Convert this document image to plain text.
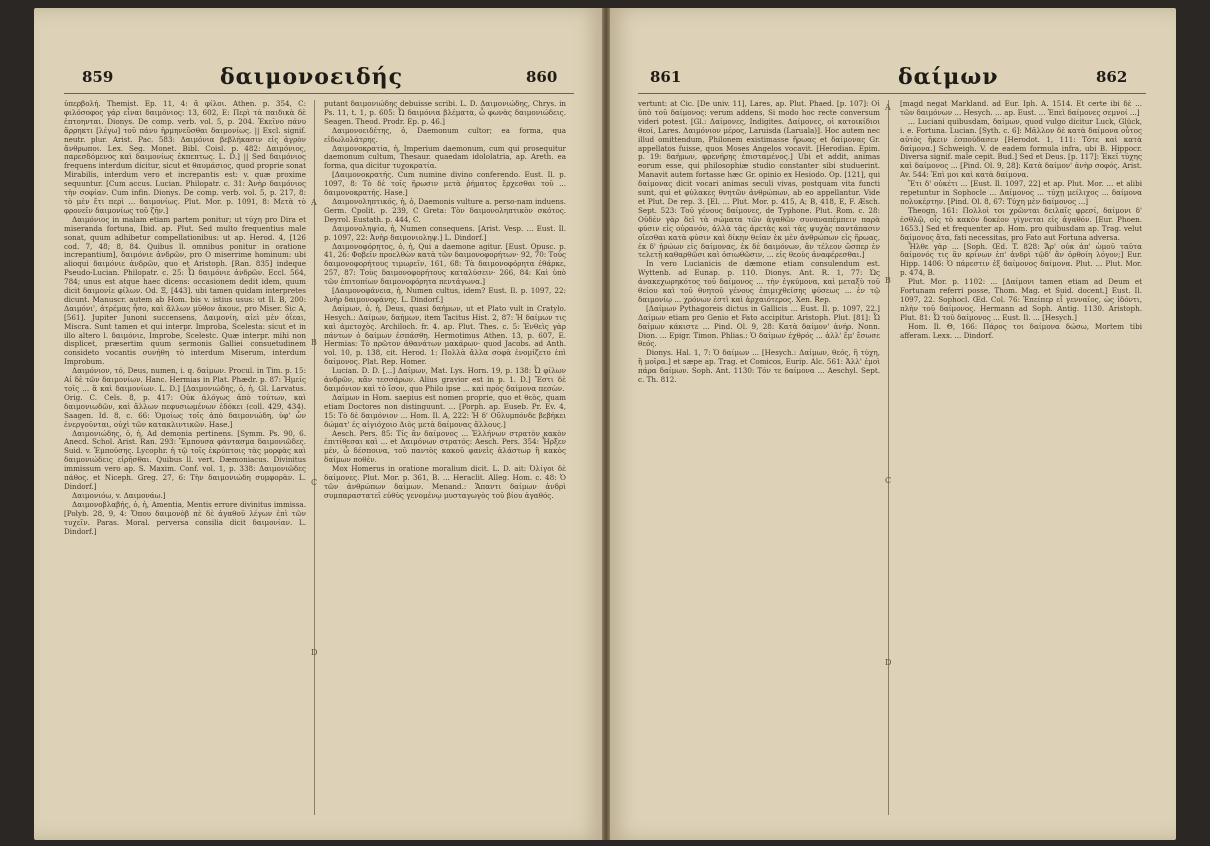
859	δαιμονοειδής	860

ὑπερβολή. Themist. Ep. 11, 4: ἃ φίλοι. Athen. p. 354, C: φιλόσοφος γάρ εἶναι δαιμόνιος: 13, 602, E: Περὶ τὰ παιδικὰ δὲ ἐπτοηνται. Dionys. De comp. verb. vol. 5, p. 204. Ἐκεῖνο πάνυ ἄρρηκτι [λέγω] τοῦ πάνυ ἡρμηνεῦσθαι δαιμονίως. || Excl. signif. neutr. plur. Arist. Pac. 583: Δαιμόνια βεβλήκασιν εἰς ἀγρὸν ἄνθρωποι. Lex. Seg. Monet. Bibl. Coisl. p. 482: Δαιμόνιος, παρεσδόμενος καὶ δαιμονίως ἐκπεπτως. L. D.] || Sed δαιμόνιος frequens interdum dicitur, sicut et θαυμάσιος, quod proprie sonat Mirabilis, interdum vero et increpantis est: v. quæ proxime sequuntur. [Cum accus. Lucian. Philopatr. c. 31: Ἀνὴρ δαιμόνιος τὴν σοφίαν. Cum infin. Dionys. De comp. verb. vol. 5, p. 217, 8: τὸ μὲν ἔτι περὶ ... δαιμονίως. Plut. Mor. p. 1091, 8: Μετὰ τὸ φρονεῖν δαιμονίως τοῦ ζῆν.]

Δαιμόνιος in malam etiam partem ponitur; ut τύχη pro Dira et miseranda fortuna, Ibid. ap. Plut. Sed multo frequentius male sonat, quum adhibetur compellationibus: ut ap. Herod. 4, [126 cod. 7, 48; 8, 84. Quibus ll. omnibus ponitur in oratione increpantium], δαιμόνιε ἀνδρῶν, pro O miserrime hominum: ubi alioqui δαιμόνιε ἀνδρῶν, quo et Aristoph. [Ran. 835] indeque Pseudo-Lucian. Philopatr. c. 25: Ὦ δαιμόνιε ἀνδρῶν. Eccl. 564, 784; unus est atque haec dicens: occasionem dedit idem, quum dicit δαιμονίε φίλων. Od. Ξ, [443]. ubi tamen quidam interpretes dicunt. Manuscr. autem ab Hom. bis v. istius usus: ut Il. B, 200: Δαιμόνι', ἀτρέμας ἧσο, καὶ ἄλλων μῦθον ἄκουε, pro Miser. Sic A, [561]. Jupiter Junoni succensens, Δαιμονίη, αἰεὶ μὲν ὀΐεαι, Miscra. Sunt tamen et qui interpr. Improba, Scelesta: sicut et in illo altero l. δαιμόνιε, Improbe, Scelestc. Quæ interpr. mihi non displicet, præsertim quum sermonis Galliei consuetudinem consideto vocantis συνήθη τὸ interdum Miserum, interdum Improbum.

Δαιμόνιον, τό, Deus, numen, i. q. δαίμων. Procul. in Tim. p. 15: Αἱ δὲ τῶν δαιμονίων. Hanc. Hermias in Plat. Phædr. p. 87: Ἠμείς τοῖς ... ἃ καὶ δαιμονίων. L. D.] [Δαιμονιώδης, ὁ, ἡ, Gl. Larvatus. Orig. C. Cels. 8, p. 417: Οὐκ ἀλόγως ἀπὸ τούτων, καὶ δαιμονιωδῶν, καὶ ἄλλων πεφυσιωμένων ἐδόκει (coll. 429, 434). Saagen. Id. 8, c. 66: Ὁμοίως τοῖς ἀπὸ δαιμονιώδη, ὑφ' ὧν ἐνεργοῦνται, οὐχὶ τῶν κατακλιντικῶν. Hase.]

Δαιμονιώδης, ὁ, ἡ, Ad demonia pertinens. [Symm. Ps. 90, 6. Anecd. Schol. Arist. Ran. 293: Ἔμπουσα φάντασμα δαιμονιῶδες. Suid. v. Ἐμπούσης. Lycophr. ἡ τῷ τοῖς ἐκρύπτοις τὰς μορφὰς καὶ δαιμονιώδεις εἰρῆσθαι. Quibus ll. vert. Dæmoniacus. Divinitus immissum vero ap. S. Maxim. Conf. vol. 1, p. 338: Δαιμονιῶδες πάθος. et Niceph. Greg. 27, 6: Τὴν δαιμονιώδη συμφορὰν. L. Dindorf.]

Δαιμονιόω, v. Δαιμονάω.]

Δαιμονοβλαβής, ὁ, ἡ, Amentia, Mentis errore divinitus immissa. [Polyb. 28, 9, 4: Ὅπου δαιμονὸβ πὲ δὲ ἀγαθοῦ λέγων ἐπὶ τῶν τυχεῖν. Paras. Moral. perversa consilia dicit δαιμονίαν. L. Dindorf.]

A
B
C
D

putant δαιμονιώδης debuisse scribi. L. D. Δαιμονιώδης, Chrys. in Ps. 11, t. 1, p. 605: Ὦ δαιμόνια βλέματα, ὦ φωνὰς δαιμονιώδεις. Seagen. Theod. Prodr. Ep. p. 46.]

Δαιμονοειδέτης, ὁ, Daemonum cultor; ea forma, qua εἰδωλολάτρης.

Δαιμονοκρατία, ἡ, Imperium daemonum, cum qui prosequitur daemonum cultum, Thesaur. quaedam idololatria, ap. Areth. ea forma, qua dicitur τυχοκρατία.

[Δαιμονοκρατής. Cum numine divino conferendo. Eust. Il. p. 1097, 8: Τὸ δὲ τοῖς ἥρωσιν μετὰ ῥήματος ἔρχεσθαι τοῦ ... δαιμονοκρατής. Hase.]

Δαιμονοληπτικός, ἡ, ὁ, Daemonis vulture a. perso-nam induens. Germ. Cpolit. p. 239, C Greta: Τὸν δαιμονοληπτικὸν σκότος. Deyrol. Eustath. p. 444, C.

Δαιμονοληψία, ἡ, Numen consequens. [Arist. Vesp. ... Eust. Il. p. 1097, 22: Ἀνὴρ δαιμονιοληψ.] L. Dindorf.]

Δαιμονοφόρητος, ὁ, ἡ, Qui a daemone agitur. [Eust. Opusc. p. 41, 26: Φοβεῖν προελθὼν κατὰ τῶν δαιμονοφορήτων· 92, 70: Τοὺς δαιμονοφορήτους τιμωρεῖν, 161, 68: Τὰ δαιμονοφόρητα ἐθάρκε, 257, 87: Τοὺς δαιμονοφορήτους καταλύσειν· 266, 84: Καὶ ὑπὸ τῶν ἐπιτοπίων δαιμονοφόρητα πεντάγωνα.]

[Δαιμονοφάνεια, ἡ, Numen cultus, idem? Eust. Il. p. 1097, 22: Ἀνὴρ δαιμονοφάνης. L. Dindorf.]

Δαίμων, ὁ, ἡ, Deus, quasi δαήμων, ut et Plato vult in Cratylo. Hesych.: Δαίμων, δαήμων, item Tacitus Hist. 2, 87: Ἡ δαίμων τις καὶ ἀμετοχὸς. Archiloch. fr. 4. ap. Plut. Thes. c. 5: Ἐνθεὶς γὰρ πάντων ὁ δαίμων ἐσπάσθη. Hermotimus Athen. 13, p. 607, E. Hermias: Τὸ πρῶτον ἀθανάτων μακάρων· quod Jacobs. ad Anth. vol. 10, p. 138, cit. Herod. 1: Πολλὰ ἄλλα σοφὰ ἐνομίζετο ἐπὶ δαίμονος. Plat. Rep. Homer.

Lucian. D. D. [...] Δαίμων, Mat. Lys. Horn. 19, p. 138: Ὦ φίλων ἀνδρῶν, κἂν τεσσάρων. Alius gravior est in p. 1. D.] Ἔστι δὲ δαιμόνιον καὶ τὸ ἴσον, quo Philo ipse ... καὶ πρὸς δαίμονα πεσὼν.

Δαίμων in Hom. saepius est nomen proprie, quo et θεὸς, quam etiam Doctores non distinguunt. ... [Porph. ap. Euseb. Pr. Ev. 4, 15: Τὸ δὲ δαιμόνιον ... Hom. Il. A, 222: Ἡ δ' Οὔλυμπόνδε βεβήκει δώματ' ἐς αἰγιόχοιο Διὸς μετὰ δαίμονας ἄλλους.]

Aesch. Pers. 85: Τίς ἂν δαίμονος ... Ἑλλήνων στρατὸν κακὸν ἐπιτίθεσαι καὶ ... et Δαιμόνων στρατός: Aesch. Pers. 354: Ἦρξεν μέν, ὦ δέσποινα, τοῦ παντὸς κακοῦ φανεὶς ἀλάστωρ ἢ κακὸς δαίμων ποθέν.

Mox Homerus in oratione moralium dicit. L. D. ait: Ὀλίγοι δὲ δαίμονες. Plut. Mor. p. 361, B. ... Heraclit. Alleg. Hom. c. 48: Ὁ τῶν ἀνθρώπων δαίμων. Menand.: Ἅπαντι δαίμων ἀνδρὶ συμπαραστατεῖ εὐθὺς γενομένῳ μυσταγωγὸς τοῦ βίου ἀγαθός.

861	δαίμων	862

vertunt: at Cic. [De univ. 11], Lares, ap. Plut. Phaed. [p. 107]: Οἱ ὑπὸ τοῦ δαίμονος: verum addens, Si modo hoc recte conversum videri potest. [Gl.: Δαίμονες, Indigites. Δαίμονες, οἱ κατοικίδιοι θεοί, Lares. Δαιμόνιον μέρος, Laruisda (Laruala)]. Hoc autem nec illud omittendum, Philonem existimasse ἥρωας et δαίμονας Gr. appellatos fuisse, quos Moses Angelos vocavit. [Herodian. Epim. p. 19: δαήμων, φρενήρης ἐπισταμένος.] Ubi et addit, animas eorum esse, qui philosophiæ studio constanter sibi studuerint. Manavit autem fortasse hæc Gr. opinio ex Hesiodo. Op. [121], qui δαίμονας dicit vocari animas seculi vivas, postquam vita functi sunt, qui et φύλακες θνητῶν ἀνθρώπων, ab eo appellantur. Vide et Plut. De rep. 3. [El. ... Plut. Mor. p. 415, A; B, 418, E, F. Æsch. Sept. 523: Τοῦ γένους δαίμονες, de Typhone. Plut. Rom. c. 28: Οὐδὲν γὰρ δεῖ τὰ σώματα τῶν ἀγαθῶν συναναπέμπειν παρὰ φύσιν εἰς οὐρανόν, ἀλλὰ τὰς ἀρετὰς καὶ τὰς ψυχὰς παντάπασιν οἴεσθαι κατὰ φύσιν καὶ δίκην θείαν ἐκ μὲν ἀνθρώπων εἰς ἥρωας, ἐκ δ' ἡρώων εἰς δαίμονας, ἐκ δὲ δαιμόνων, ἂν τέλεον ὥσπερ ἐν τελετῇ καθαρθῶσι καὶ ὁσιωθῶσιν, ... εἰς θεοὺς ἀναφέρεσθαι.]

In vero Lucianicis de dæmone etiam consulendum est. Wyttenb. ad Eunap. p. 110. Dionys. Ant. R. 1, 77: Ὡς ἀνακεχωρηκότος τοῦ δαίμονος ... τὴν ἐγκύμονα, καὶ μεταξὺ τοῦ θείου καὶ τοῦ θνητοῦ γένους ἐπιμιχθείσης φύσεως ... ἐν τῷ δαιμονίῳ ... χρόνων ἐστὶ καὶ ἀρχαιότερος. Xen. Rep.

[Δαίμων Pythagoreis dictus in Gallicis ... Eust. Il. p. 1097, 22.] Δαίμων etiam pro Genio et Fato accipitur. Aristoph. Plut. [81]: Ὦ δαίμων κάκιστε ... Pind. Ol. 9, 28: Κατὰ δαίμον' ἀνήρ. Nonn. Dion. ... Epigr. Timon. Phlias.: Ὁ δαίμων ἐχθρός ... ἀλλ' ἔμ' ἔσωσε θεός.

Dionys. Hal. 1, 7: Ὁ δαίμων ... [Hesych.: Δαίμων, θεός, ἢ τύχη, ἢ μοῖρα.] et sæpe ap. Trag. et Comicos, Eurip. Alc. 561: Ἀλλ' ἐμοὶ πάρα δαίμων. Soph. Ant. 1130: Τόν τε δαίμονα ... Aeschyl. Sept. c. Th. 812.

A
B
C
D

[magd negat Markland. ad Eur. Iph. A. 1514. Et certe ibi δὲ ... τῶν δαιμόνων ... Hesych. ... ap. Eust. ... Ἐπεὶ δαίμονες σεμνοί ...]

... Luciani quibusdam, δαίμων, quod vulgo dicitur Luck, Glück, i. e. Fortuna. Lucian. [Syth. c. 6]: Μᾶλλον δὲ κατὰ δαίμονα οὗτος αὐτὸς ἥκειν ἐσπούδασεν [Herodot. 1, 111: Τότε καὶ κατὰ δαίμονα.] Schweigh. V. de eadem formula infra, ubi B. Hippocr. Diversa signif. male cepit. Bud.] Sed et Deus. [p. 117]: Ἐκεῖ τύχης καὶ δαίμονος ... [Pind. Ol. 9, 28]: Κατὰ δαίμον' ἀνὴρ σοφός. Arist. Av. 544: Ἐπὶ μοι καὶ κατὰ δαίμονα.

Ἔτι δ' οὐκέτι ... [Eust. Il. 1097, 22] et ap. Plut. Mor. ... et alibi repetuntur in Sophocle ... Δαίμονος ... τύχῃ μείλιχος ... δαίμονα πολυκέρτην. [Pind. Ol. 8, 67: Τύχη μὲν δαίμονος ...]

Theogn. 161: Πολλοὶ τοι χρῶνται δειλαῖς φρεσί, δαίμονι δ' ἐσθλῷ, οἷς τὸ κακὸν δοκέον γίγνεται εἰς ἀγαθόν. [Eur. Phoen. 1653.] Sed et frequenter ap. Hom. pro quibusdam ap. Trag. velut δαίμονος ἄτα, fati necessitas, pro Fato aut Fortuna adversa.

Ἦλθε γὰρ ... [Soph. Œd. T. 828: Ἄρ' οὐκ ἀπ' ὠμοῦ ταῦτα δαίμονός τις ἂν κρίνων ἐπ' ἀνδρὶ τῷδ' ἂν ὀρθοίη λόγον;] Eur. Hipp. 1406: Ὁ πάρεστιν ἐξ δαίμονος δαίμονα. Plut. ... Plut. Mor. p. 474, B.

Plut. Mor. p. 1102: ... [Δαίμονι tamen etiam ad Deum et Fortunam referri posse, Thom. Mag. et Suid. docent.] Eust. Il. 1097, 22. Sophocl. Œd. Col. 76: Ἐπείπερ εἶ γενναῖος, ὡς ἰδόντι, πλὴν τοῦ δαίμονος. Hermann ad Soph. Antig. 1130. Aristoph. Plut. 81: Ὦ τοῦ δαίμονος ... Eust. Il. ... [Hesych.]

Hom. Il. Θ, 166: Πάρος τοι δαίμονα δώσω, Mortem tibi afferam. Lexx. ... Dindorf.
